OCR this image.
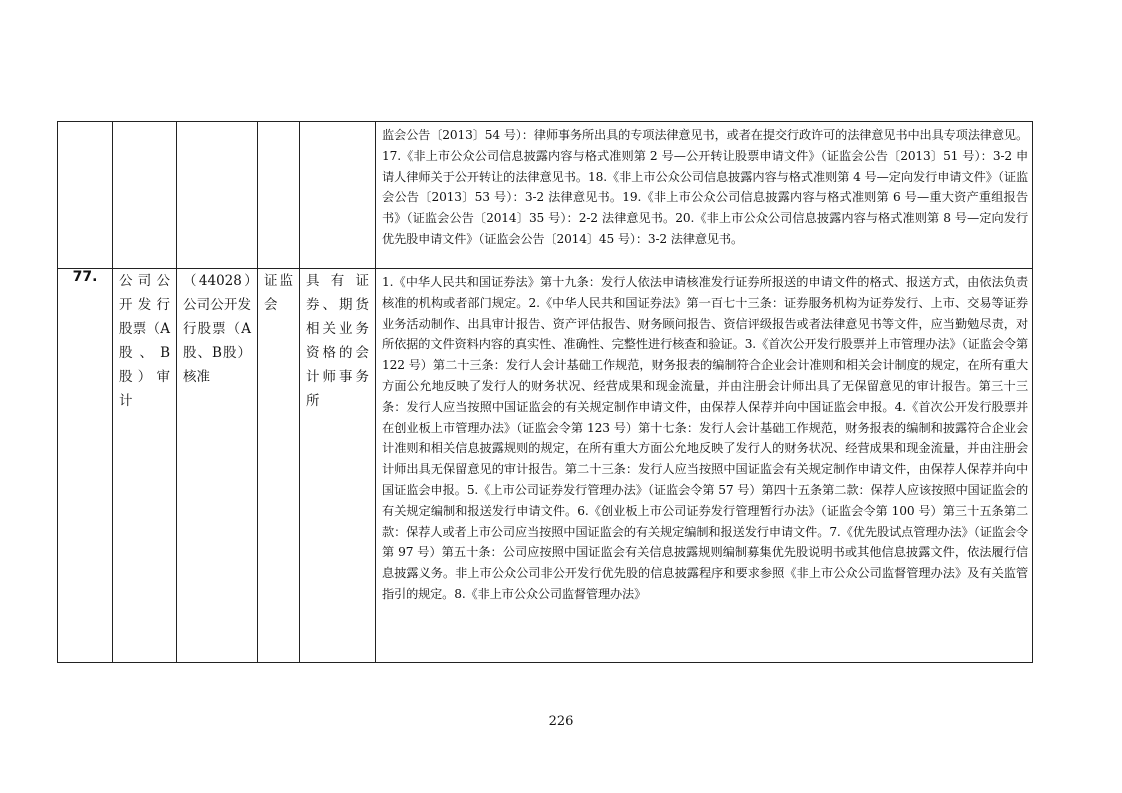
					监会公告〔2013〕54 号）：律师事务所出具的专项法律意见书，或者在提交行政许可的法律意见书中出具专项法律意见。17.《非上市公众公司信息披露内容与格式准则第 2 号—公开转让股票申请文件》（证监会公告〔2013〕51 号）：3-2 申请人律师关于公开转让的法律意见书。18.《非上市公众公司信息披露内容与格式准则第 4 号—定向发行申请文件》（证监会公告〔2013〕53 号）：3-2 法律意见书。19.《非上市公众公司信息披露内容与格式准则第 6 号—重大资产重组报告书》（证监会公告〔2014〕35 号）：2-2 法律意见书。20.《非上市公众公司信息披露内容与格式准则第 8 号—定向发行优先股申请文件》（证监会公告〔2014〕45 号）：3-2 法律意见书。

77.	公司公开发行股票（A股、B股）审计	（44028）公司公开发行股票（A股、B股）核准	证监会	具有证券、期货相关业务资格的会计师事务所	1.《中华人民共和国证券法》第十九条：发行人依法申请核准发行证券所报送的申请文件的格式、报送方式，由依法负责核准的机构或者部门规定。2.《中华人民共和国证券法》第一百七十三条：证券服务机构为证券发行、上市、交易等证券业务活动制作、出具审计报告、资产评估报告、财务顾问报告、资信评级报告或者法律意见书等文件，应当勤勉尽责，对所依据的文件资料内容的真实性、准确性、完整性进行核查和验证。3.《首次公开发行股票并上市管理办法》（证监会令第 122 号）第二十三条：发行人会计基础工作规范，财务报表的编制符合企业会计准则和相关会计制度的规定，在所有重大方面公允地反映了发行人的财务状况、经营成果和现金流量，并由注册会计师出具了无保留意见的审计报告。第三十三条：发行人应当按照中国证监会的有关规定制作申请文件，由保荐人保荐并向中国证监会申报。4.《首次公开发行股票并在创业板上市管理办法》（证监会令第 123 号）第十七条：发行人会计基础工作规范，财务报表的编制和披露符合企业会计准则和相关信息披露规则的规定，在所有重大方面公允地反映了发行人的财务状况、经营成果和现金流量，并由注册会计师出具无保留意见的审计报告。第二十三条：发行人应当按照中国证监会有关规定制作申请文件，由保荐人保荐并向中国证监会申报。5.《上市公司证券发行管理办法》（证监会令第 57 号）第四十五条第二款：保荐人应该按照中国证监会的有关规定编制和报送发行申请文件。6.《创业板上市公司证券发行管理暂行办法》（证监会令第 100 号）第三十五条第二款：保荐人或者上市公司应当按照中国证监会的有关规定编制和报送发行申请文件。7.《优先股试点管理办法》（证监会令第 97 号）第五十条：公司应按照中国证监会有关信息披露规则编制募集优先股说明书或其他信息披露文件，依法履行信息披露义务。非上市公众公司非公开发行优先股的信息披露程序和要求参照《非上市公众公司监督管理办法》及有关监管指引的规定。8.《非上市公众公司监督管理办法》
226
